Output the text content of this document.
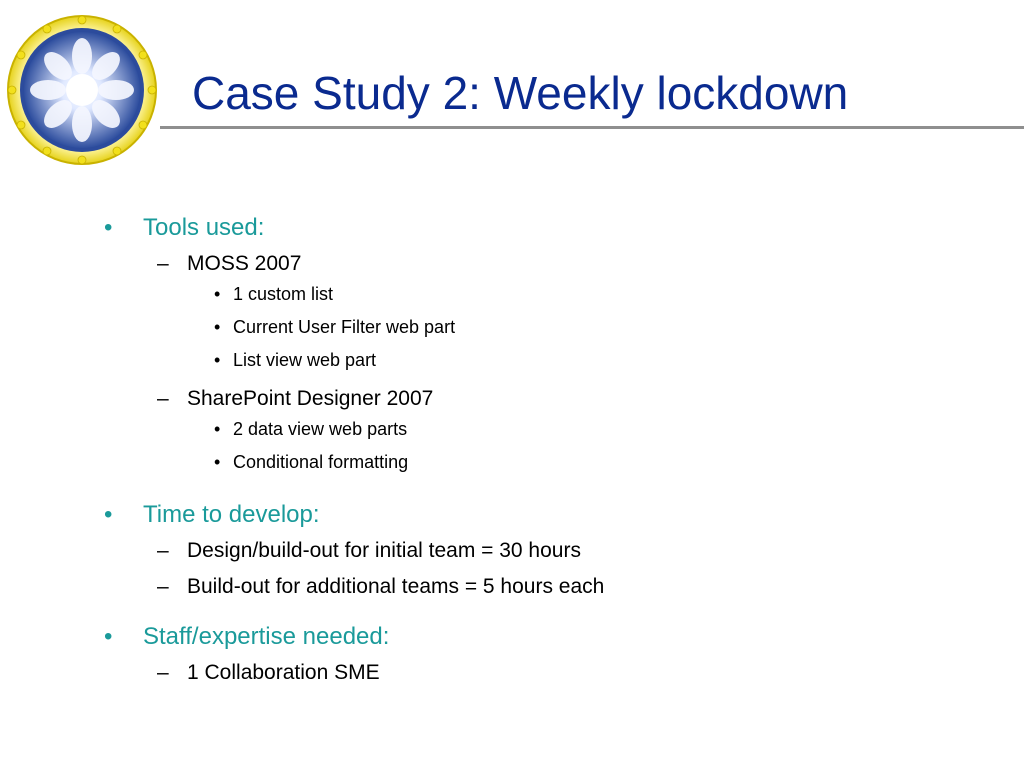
Case Study 2: Weekly lockdown
• Tools used:
– MOSS 2007
• 1 custom list
• Current User Filter web part
• List view web part
– SharePoint Designer 2007
• 2 data view web parts
• Conditional formatting
• Time to develop:
– Design/build-out for initial team = 30 hours
– Build-out for additional teams = 5 hours each
• Staff/expertise needed:
– 1 Collaboration SME
